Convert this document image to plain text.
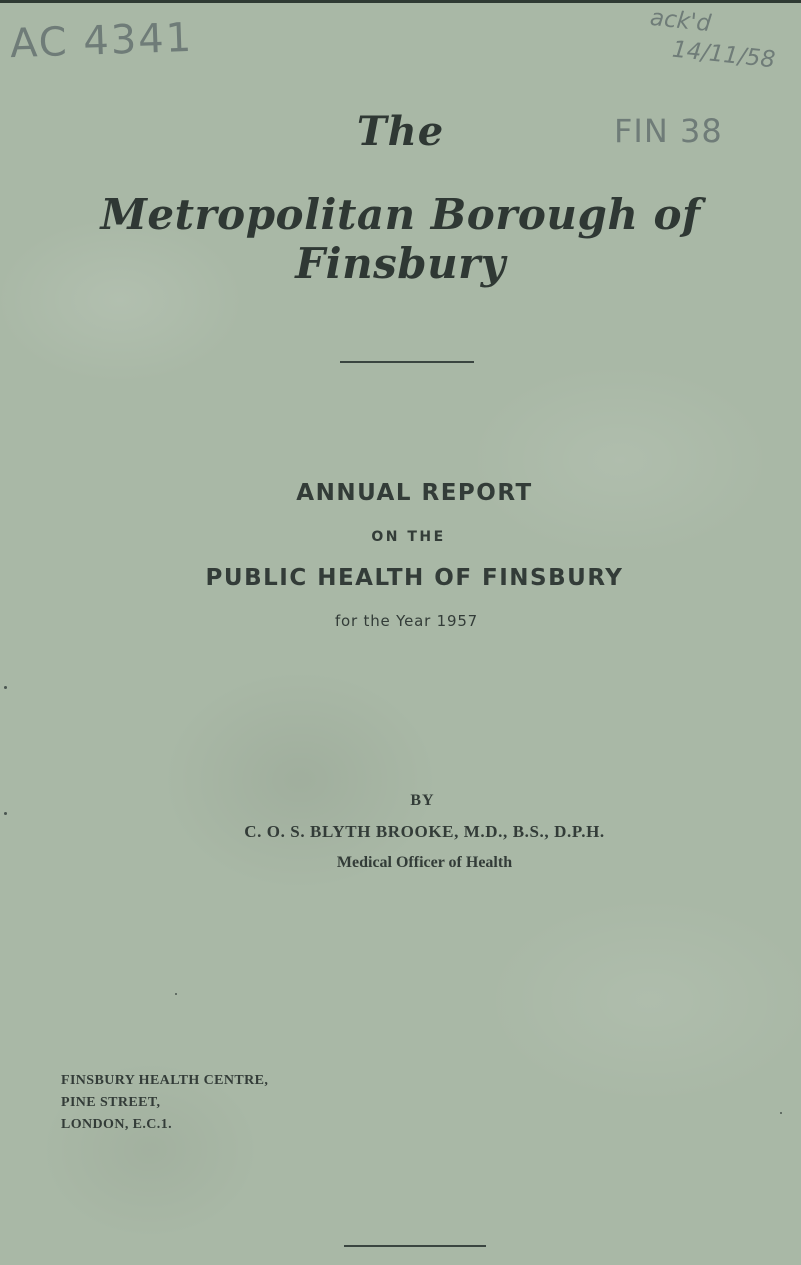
AC 4341	ack'd
14/11/58
FIN 38
The
Metropolitan Borough of Finsbury
ANNUAL REPORT
ON THE
PUBLIC HEALTH OF FINSBURY
for the Year 1957
BY
C. O. S. BLYTH BROOKE, M.D., B.S., D.P.H.
Medical Officer of Health
FINSBURY HEALTH CENTRE,
PINE STREET,
LONDON, E.C.1.
